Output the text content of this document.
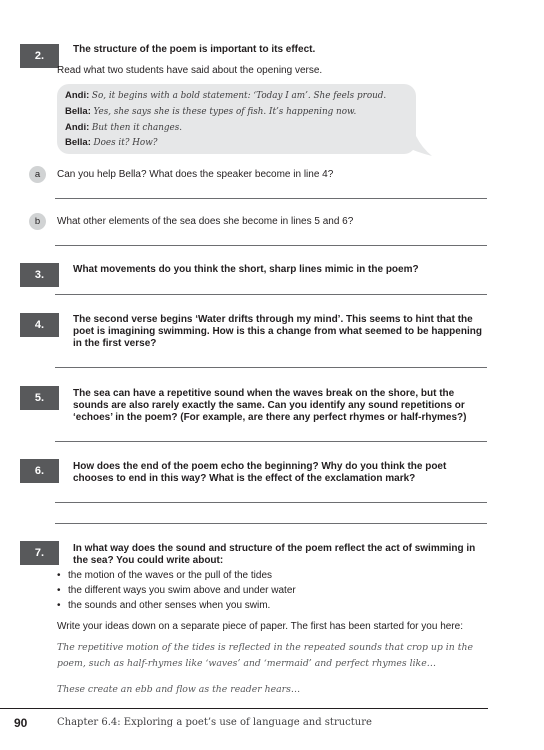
2.
The structure of the poem is important to its effect.
Read what two students have said about the opening verse.
Andi: So, it begins with a bold statement: ‘Today I am’. She feels proud.
Bella: Yes, she says she is these types of fish. It’s happening now.
Andi: But then it changes.
Bella: Does it? How?
a	Can you help Bella? What does the speaker become in line 4?
b	What other elements of the sea does she become in lines 5 and 6?
3.	What movements do you think the short, sharp lines mimic in the poem?
4.	The second verse begins ‘Water drifts through my mind’. This seems to hint that the poet is imagining swimming. How is this a change from what seemed to be happening in the first verse?
5.	The sea can have a repetitive sound when the waves break on the shore, but the sounds are also rarely exactly the same. Can you identify any sound repetitions or ‘echoes’ in the poem? (For example, are there any perfect rhymes or half-rhymes?)
6.	How does the end of the poem echo the beginning? Why do you think the poet chooses to end in this way? What is the effect of the exclamation mark?
7.	In what way does the sound and structure of the poem reflect the act of swimming in the sea? You could write about:
• the motion of the waves or the pull of the tides
• the different ways you swim above and under water
• the sounds and other senses when you swim.
Write your ideas down on a separate piece of paper. The first has been started for you here:
The repetitive motion of the tides is reflected in the repeated sounds that crop up in the poem, such as half-rhymes like ‘waves’ and ‘mermaid’ and perfect rhymes like…
These create an ebb and flow as the reader hears…
90	Chapter 6.4: Exploring a poet’s use of language and structure
